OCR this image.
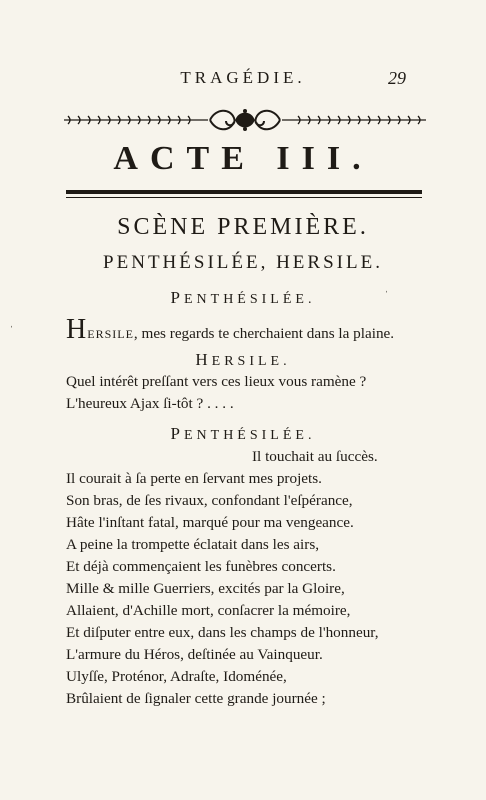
TRAGÉDIE.	29
ACTE III.
SCÈNE PREMIÈRE.
PENTHÉSILÉE, HERSILE.
PENTHÉSILÉE.
HERSILE, mes regards te cherchaient dans la plaine.
HERSILE.
Quel intérêt preſſant vers ces lieux vous ramène ?
L'heureux Ajax ſi-tôt ? . . . .
PENTHÉSILÉE.
Il touchait au ſuccès.
Il courait à ſa perte en ſervant mes projets.
Son bras, de ſes rivaux, confondant l'eſpérance,
Hâte l'inſtant fatal, marqué pour ma vengeance.
A peine la trompette éclatait dans les airs,
Et déjà commençaient les funèbres concerts.
Mille & mille Guerriers, excités par la Gloire,
Allaient, d'Achille mort, conſacrer la mémoire,
Et diſputer entre eux, dans les champs de l'honneur,
L'armure du Héros, deſtinée au Vainqueur.
Ulyſſe, Proténor, Adraſte, Idoménée,
Brûlaient de ſignaler cette grande journée ;
ˈ
ˈ
